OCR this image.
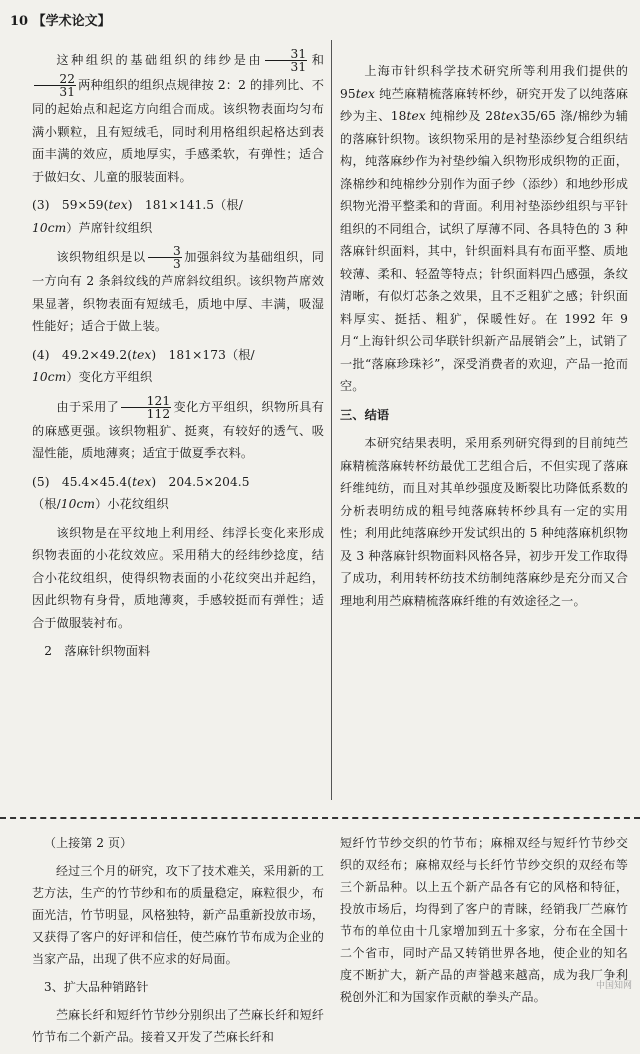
10 【学术论文】

这种组织的基础组织的纬纱是由 $\frac{31}{31}$ 和
$\frac{22}{31}$ 两种组织的组织点规律按 2：2 的排列比、不同的起始点和起迄方向组合而成。该织物表面均匀布满小颗粒，且有短绒毛，同时利用格组织起格达到表面丰满的效应，质地厚实，手感柔软，有弹性；适合于做妇女、儿童的服装面料。

(3)　59×59(tex)　181×141.5（根/
10cm）芦席针纹组织

该织物组织是以 $\frac{3}{3}$ 加强斜纹为基础组织，同一方向有 2 条斜纹线的芦席斜纹组织。该织物芦席效果显著，织物表面有短绒毛，质地中厚、丰满，吸湿性能好；适合于做上装。

(4)　49.2×49.2(tex)　181×173（根/
10cm）变化方平组织

由于采用了 $\frac{121}{112}$ 变化方平组织，织物所具有的麻感更强。该织物粗犷、挺爽，有较好的透气、吸湿性能，质地薄爽；适宜于做夏季衣料。

(5)　45.4×45.4(tex)　204.5×204.5
（根/10cm）小花纹组织

该织物是在平纹地上利用经、纬浮长变化来形成织物表面的小花纹效应。采用稍大的经纬纱捻度，结合小花纹组织，使得织物表面的小花纹突出并起绉，因此织物有身骨，质地薄爽，手感较挺而有弹性；适合于做服装衬布。

2　落麻针织物面料

上海市针织科学技术研究所等利用我们提供的 95tex 纯苎麻精梳落麻转杯纱，研究开发了以纯落麻纱为主、18tex 纯棉纱及 28tex35/65 涤/棉纱为辅的落麻针织物。该织物采用的是衬垫添纱复合组织结构，纯落麻纱作为衬垫纱编入织物形成织物的正面，涤棉纱和纯棉纱分别作为面子纱（添纱）和地纱形成织物光滑平整柔和的背面。利用衬垫添纱组织与平针组织的不同组合，试织了厚薄不同、各具特色的 3 种落麻针织面料，其中，针织面料具有布面平整、质地较薄、柔和、轻盈等特点；针织面料四凸感强，条纹清晰，有似灯芯条之效果，且不乏粗犷之感；针织面料厚实、挺括、粗犷，保暖性好。在 1992 年 9 月“上海针织公司华联针织新产品展销会”上，试销了一批“落麻珍珠衫”，深受消费者的欢迎，产品一抢而空。

三、结语

本研究结果表明，采用系列研究得到的目前纯苎麻精梳落麻转杯纺最优工艺组合后，不但实现了落麻纤维纯纺，而且对其单纱强度及断裂比功降低系数的分析表明纺成的粗号纯落麻转杯纱具有一定的实用性；利用此纯落麻纱开发试织出的 5 种纯落麻机织物及 3 种落麻针织物面料风格各异，初步开发工作取得了成功，利用转杯纺技术纺制纯落麻纱是充分而又合理地利用苎麻精梳落麻纤维的有效途径之一。

（上接第 2 页）

经过三个月的研究，攻下了技术难关，采用新的工艺方法，生产的竹节纱和布的质量稳定，麻粒很少，布面光洁，竹节明显，风格独特，新产品重新投放市场，又获得了客户的好评和信任，使苎麻竹节布成为企业的当家产品，出现了供不应求的好局面。

3、扩大品种销路针

苎麻长纤和短纤竹节纱分别织出了苎麻长纤和短纤竹节布二个新产品。接着又开发了苎麻长纤和

短纤竹节纱交织的竹节布；麻棉双经与短纤竹节纱交织的双经布；麻棉双经与长纤竹节纱交织的双经布等三个新品种。以上五个新产品各有它的风格和特征，投放市场后，均得到了客户的青睐，经销我厂苎麻竹节布的单位由十几家增加到五十多家，分布在全国十二个省市，同时产品又转销世界各地，使企业的知名度不断扩大，新产品的声誉越来越高，成为我厂争利税创外汇和为国家作贡献的拳头产品。

中国知网
